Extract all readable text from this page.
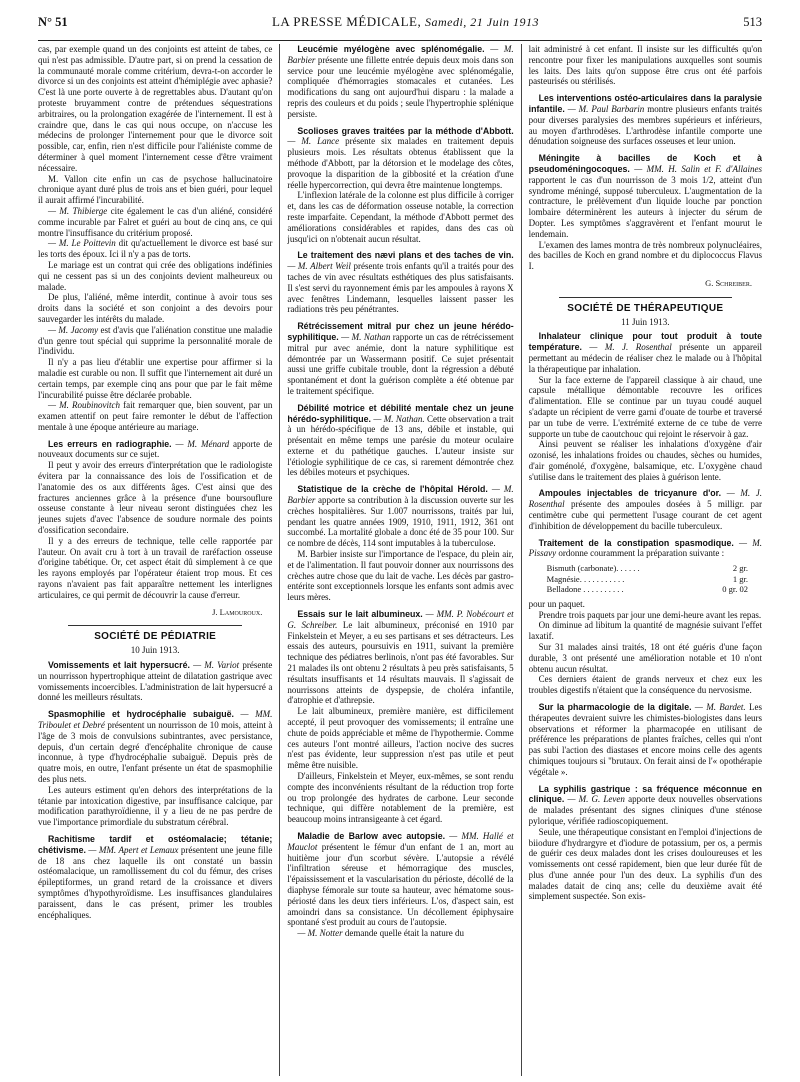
N° 51	LA PRESSE MÉDICALE, Samedi, 21 Juin 1913	513

cas, par exemple quand un des conjoints est atteint de tabes, ce qui n'est pas admissible. D'autre part, si on prend la cessation de la communauté morale comme critérium, devra-t-on accorder le divorce si un des conjoints est atteint d'hémiplégie avec aphasie? C'est là une porte ouverte à de regrettables abus. D'autant qu'on proteste bruyamment contre de prétendues séquestrations arbitraires, ou la prolongation exagérée de l'internement. Il est à craindre que, dans le cas qui nous occupe, on n'accuse les médecins de prolonger l'internement pour que le divorce soit possible, car, enfin, rien n'est difficile pour l'aliéniste comme de déterminer à quel moment l'internement cesse d'être vraiment nécessaire.

M. Vallon cite enfin un cas de psychose hallucinatoire chronique ayant duré plus de trois ans et bien guéri, pour lequel il aurait affirmé l'incurabilité.

— M. Thibierge cite également le cas d'un aliéné, considéré comme incurable par Falret et guéri au bout de cinq ans, ce qui montre l'insuffisance du critérium proposé.

— M. Le Poittevin dit qu'actuellement le divorce est basé sur les torts des époux. Ici il n'y a pas de torts.

Le mariage est un contrat qui crée des obligations indéfinies qui ne cessent pas si un des conjoints devient malheureux ou malade.

De plus, l'aliéné, même interdit, continue à avoir tous ses droits dans la société et son conjoint a des devoirs pour sauvegarder les intérêts du malade.

— M. Jacomy est d'avis que l'aliénation constitue une maladie d'un genre tout spécial qui supprime la personnalité morale de l'individu.

Il n'y a pas lieu d'établir une expertise pour affirmer si la maladie est curable ou non. Il suffit que l'internement ait duré un certain temps, par exemple cinq ans pour que par le fait même l'incurabilité puisse être déclarée probable.

— M. Roubinovitch fait remarquer que, bien souvent, par un examen attentif on peut faire remonter le début de l'affection mentale à une époque antérieure au mariage.

Les erreurs en radiographie. — M. Ménard apporte de nouveaux documents sur ce sujet.

Il peut y avoir des erreurs d'interprétation que le radiologiste évitera par la connaissance des lois de l'ossification et de l'anatomie des os aux différents âges. C'est ainsi que des fractures anciennes grâce à la présence d'une boursouflure osseuse constante à leur niveau seront distinguées chez les jeunes sujets d'avec l'absence de soudure normale des points d'ossification secondaire.

Il y a des erreurs de technique, telle celle rapportée par l'auteur. On avait cru à tort à un travail de raréfaction osseuse d'origine tabétique. Or, cet aspect était dû simplement à ce que les rayons employés par l'opérateur étaient trop mous. Et ces rayons n'avaient pas fait apparaître nettement les interlignes articulaires, ce qui permit de découvrir la cause d'erreur.

J. Lamouroux.

SOCIÉTÉ DE PÉDIATRIE
10 Juin 1913.

Vomissements et lait hypersucré. — M. Variot présente un nourrisson hypertrophique atteint de dilatation gastrique avec vomissements incoercibles. L'administration de lait hypersucré a donné les meilleurs résultats.

Spasmophilie et hydrocéphalie subaiguë. — MM. Triboulet et Debré présentent un nourrisson de 10 mois, atteint à l'âge de 3 mois de convulsions subintrantes, avec persistance, depuis, d'un certain degré d'encéphalite chronique de cause inconnue, à type d'hydrocéphalie subaiguë. Depuis près de quatre mois, en outre, l'enfant présente un état de spasmophilie des plus nets.

Les auteurs estiment qu'en dehors des interprétations de la tétanie par intoxication digestive, par insuffisance calcique, par modification parathyroïdienne, il y a lieu de ne pas perdre de vue l'importance primordiale du substratum cérébral.

Rachitisme tardif et ostéomalacie; tétanie; chétivisme. — MM. Apert et Lemaux présentent une jeune fille de 18 ans chez laquelle ils ont constaté un bassin ostéomalacique, un ramollissement du col du fémur, des crises épileptiformes, un grand retard de la croissance et divers symptômes d'hypothyroïdisme. Les insuffisances glandulaires paraissent, dans le cas présent, primer les troubles encéphaliques.

Leucémie myélogène avec splénomégalie. — M. Barbier présente une fillette entrée depuis deux mois dans son service pour une leucémie myélogène avec splénomégalie, compliquée d'hémorragies stomacales et cutanées. Les modifications du sang ont aujourd'hui disparu : la malade a repris des couleurs et du poids ; seule l'hypertrophie splénique persiste.

Scolioses graves traitées par la méthode d'Abbott. — M. Lance présente six malades en traitement depuis plusieurs mois. Les résultats obtenus établissent que la méthode d'Abbott, par la détorsion et le modelage des côtes, provoque la disparition de la gibbosité et la création d'une réelle hypercorrection, qui devra être maintenue longtemps.

L'inflexion latérale de la colonne est plus difficile à corriger et, dans les cas de déformation osseuse notable, la correction reste imparfaite. Cependant, la méthode d'Abbott permet des améliorations considérables et rapides, dans des cas où jusqu'ici on n'obtenait aucun résultat.

Le traitement des nævi plans et des taches de vin. — M. Albert Weil présente trois enfants qu'il a traités pour des taches de vin avec résultats esthétiques des plus satisfaisants. Il s'est servi du rayonnement émis par les ampoules à rayons X avec fenêtres Lindemann, lesquelles laissent passer les radiations très peu pénétrantes.

Rétrécissement mitral pur chez un jeune hérédo-syphilitique. — M. Nathan rapporte un cas de rétrécissement mitral pur avec anémie, dont la nature syphilitique est démontrée par un Wassermann positif. Ce sujet présentait aussi une griffe cubitale trouble, dont la régression a débuté spontanément et dont la guérison complète a été obtenue par le traitement spécifique.

Débilité motrice et débilité mentale chez un jeune hérédo-syphilitique. — M. Nathan. Cette observation a trait à un hérédo-spécifique de 13 ans, débile et instable, qui présentait en même temps une parésie du moteur oculaire externe et du pathétique gauches. L'auteur insiste sur l'étiologie syphilitique de ce cas, si rarement démontrée chez les débiles moteurs et psychiques.

Statistique de la crèche de l'hôpital Hérold. — M. Barbier apporte sa contribution à la discussion ouverte sur les crèches hospitalières. Sur 1.007 nourrissons, traités par lui, pendant les quatre années 1909, 1910, 1911, 1912, 361 ont succombé. La mortalité globale a donc été de 35 pour 100. Sur ce nombre de décès, 114 sont imputables à la tuberculose.

M. Barbier insiste sur l'importance de l'espace, du plein air, et de l'alimentation. Il faut pouvoir donner aux nourrissons des crèches autre chose que du lait de vache. Les décès par gastro-entérite sont exceptionnels lorsque les enfants sont admis avec leurs mères.

Essais sur le lait albumineux. — MM. P. Nobécourt et G. Schreiber. Le lait albumineux, préconisé en 1910 par Finkelstein et Meyer, a eu ses partisans et ses détracteurs. Les essais des auteurs, poursuivis en 1911, suivant la première technique des pédiatres berlinois, n'ont pas été favorables. Sur 21 malades ils ont obtenu 2 résultats à peu près satisfaisants, 5 résultats insuffisants et 14 résultats mauvais. Il s'agissait de nourrissons atteints de dyspepsie, de choléra infantile, d'atrophie et d'athrepsie.

Le lait albumineux, première manière, est difficilement accepté, il peut provoquer des vomissements; il entraîne une chute de poids appréciable et même de l'hypothermie. Comme ces auteurs l'ont montré ailleurs, l'action nocive des sucres n'est pas évidente, leur suppression n'est pas utile et peut même être nuisible.

D'ailleurs, Finkelstein et Meyer, eux-mêmes, se sont rendu compte des inconvénients résultant de la réduction trop forte ou trop prolongée des hydrates de carbone. Leur seconde technique, qui diffère notablement de la première, est beaucoup moins intransigeante à cet égard.

Maladie de Barlow avec autopsie. — MM. Hallé et Mauclot présentent le fémur d'un enfant de 1 an, mort au huitième jour d'un scorbut sévère. L'autopsie a révélé l'infiltration séreuse et hémorragique des muscles, l'épaississement et la vascularisation du périoste, décollé de la diaphyse fémorale sur toute sa hauteur, avec hématome sous-périosté dans les deux tiers inférieurs. L'os, d'aspect sain, est amoindri dans sa consistance. Un décollement épiphysaire spontané s'est produit au cours de l'autopsie.

— M. Notter demande quelle était la nature du

lait administré à cet enfant. Il insiste sur les difficultés qu'on rencontre pour fixer les manipulations auxquelles sont soumis les laits. Des laits qu'on suppose être crus ont été parfois pasteurisés ou stérilisés.

Les interventions ostéo-articulaires dans la paralysie infantile. — M. Paul Barbarin montre plusieurs enfants traités pour diverses paralysies des membres supérieurs et inférieurs, au moyen d'arthrodèses. L'arthrodèse infantile comporte une dénudation soigneuse des surfaces osseuses et leur union.

Méningite à bacilles de Koch et à pseudoméningocoques. — MM. H. Salin et F. d'Allaines rapportent le cas d'un nourrisson de 3 mois 1/2, atteint d'un syndrome méningé, supposé tuberculeux. L'augmentation de la contracture, le prélèvement d'un liquide louche par ponction lombaire déterminèrent les auteurs à injecter du sérum de Dopter. Les symptômes s'aggravèrent et l'enfant mourut le lendemain.

L'examen des lames montra de très nombreux polynucléaires, des bacilles de Koch en grand nombre et du diplococcus Flavus I.

G. Schreiber.

SOCIÉTÉ DE THÉRAPEUTIQUE
11 Juin 1913.

Inhalateur clinique pour tout produit à toute température. — M. J. Rosenthal présente un appareil permettant au médecin de réaliser chez le malade ou à l'hôpital la thérapeutique par inhalation.

Sur la face externe de l'appareil classique à air chaud, une capsule métallique démontable recouvre les orifices d'alimentation. Elle se continue par un tuyau coudé auquel s'adapte un récipient de verre garni d'ouate de tourbe et traversé par un tube de verre. L'extrémité externe de ce tube de verre supporte un tube de caoutchouc qui rejoint le réservoir à gaz.

Ainsi peuvent se réaliser les inhalations d'oxygène d'air ozonisé, les inhalations froides ou chaudes, sèches ou humides, d'air goménolé, d'oxygène, balsamique, etc. L'oxygène chaud s'utilise dans le traitement des plaies à guérison lente.

Ampoules injectables de tricyanure d'or. — M. J. Rosenthal présente des ampoules dosées à 5 milligr. par centimètre cube qui permettent l'usage courant de cet agent d'inhibition de développement du bacille tuberculeux.

Traitement de la constipation spasmodique. — M. Pissavy ordonne couramment la préparation suivante :

Bismuth (carbonate). . . . . .	2 gr.
Magnésie. . . . . . . . . . .	1 gr.
Belladone . . . . . . . . . .	0 gr. 02

pour un paquet.

Prendre trois paquets par jour une demi-heure avant les repas.

On diminue ad libitum la quantité de magnésie suivant l'effet laxatif.

Sur 31 malades ainsi traités, 18 ont été guéris d'une façon durable, 3 ont présenté une amélioration notable et 10 n'ont obtenu aucun résultat.

Ces derniers étaient de grands nerveux et chez eux les troubles digestifs n'étaient que la conséquence du nervosisme.

Sur la pharmacologie de la digitale. — M. Bardet. Les thérapeutes devraient suivre les chimistes-biologistes dans leurs observations et réformer la pharmacopée en utilisant de préférence les préparations de plantes fraîches, celles qui n'ont pas subi l'action des diastases et encore moins celle des agents chimiques toujours si "brutaux. On ferait ainsi de l'« opothérapie végétale ».

La syphilis gastrique : sa fréquence méconnue en clinique. — M. G. Leven apporte deux nouvelles observations de malades présentant des signes cliniques d'une sténose pylorique, vérifiée radioscopiquement.

Seule, une thérapeutique consistant en l'emploi d'injections de biiodure d'hydrargyre et d'iodure de potassium, per os, a permis de guérir ces deux malades dont les crises douloureuses et les vomissements ont cessé rapidement, bien que leur durée fût de plus d'une année pour l'un des deux. La syphilis d'un des malades datait de cinq ans; celle du deuxième avait été simplement suspectée. Son exis-
